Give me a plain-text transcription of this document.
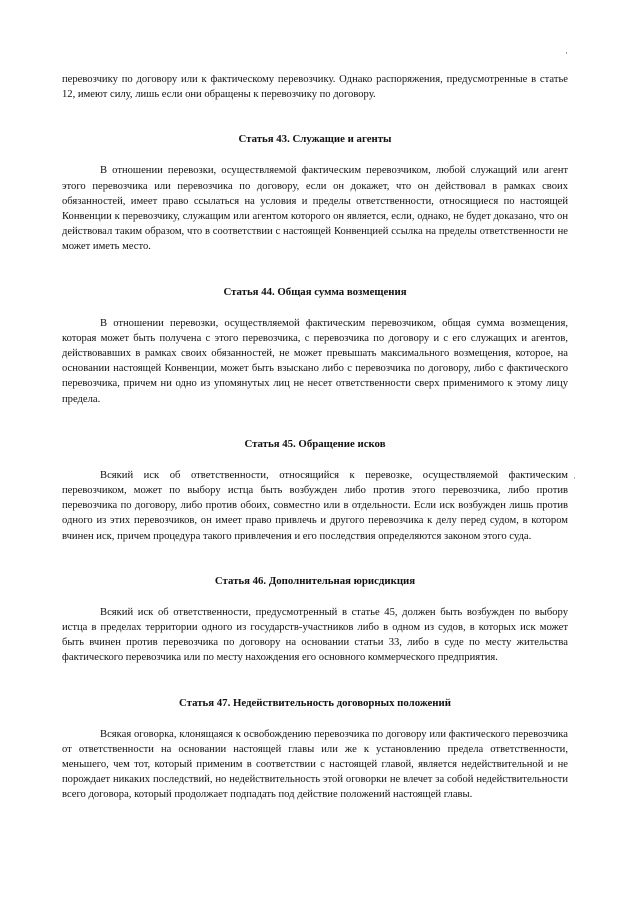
перевозчику по договору или к фактическому перевозчику. Однако распоряжения, предусмотренные в статье 12, имеют силу, лишь если они обращены к перевозчику по договору.

Статья 43. Служащие и агенты

В отношении перевозки, осуществляемой фактическим перевозчиком, любой служащий или агент этого перевозчика или перевозчика по договору, если он докажет, что он действовал в рамках своих обязанностей, имеет право ссылаться на условия и пределы ответственности, относящиеся по настоящей Конвенции к перевозчику, служащим или агентом которого он является, если, однако, не будет доказано, что он действовал таким образом, что в соответствии с настоящей Конвенцией ссылка на пределы ответственности не может иметь место.

Статья 44. Общая сумма возмещения

В отношении перевозки, осуществляемой фактическим перевозчиком, общая сумма возмещения, которая может быть получена с этого перевозчика, с перевозчика по договору и с его служащих и агентов, действовавших в рамках своих обязанностей, не может превышать максимального возмещения, которое, на основании настоящей Конвенции, может быть взыскано либо с перевозчика по договору, либо с фактического перевозчика, причем ни одно из упомянутых лиц не несет ответственности сверх применимого к этому лицу предела.

Статья 45. Обращение исков

Всякий иск об ответственности, относящийся к перевозке, осуществляемой фактическим перевозчиком, может по выбору истца быть возбужден либо против этого перевозчика, либо против перевозчика по договору, либо против обоих, совместно или в отдельности. Если иск возбужден лишь против одного из этих перевозчиков, он имеет право привлечь и другого перевозчика к делу перед судом, в котором вчинен иск, причем процедура такого привлечения и его последствия определяются законом этого суда.

Статья 46. Дополнительная юрисдикция

Всякий иск об ответственности, предусмотренный в статье 45, должен быть возбужден по выбору истца в пределах территории одного из государств-участников либо в одном из судов, в которых иск может быть вчинен против перевозчика по договору на основании статьи 33, либо в суде по месту жительства фактического перевозчика или по месту нахождения его основного коммерческого предприятия.

Статья 47. Недействительность договорных положений

Всякая оговорка, клонящаяся к освобождению перевозчика по договору или фактического перевозчика от ответственности на основании настоящей главы или же к установлению предела ответственности, меньшего, чем тот, который применим в соответствии с настоящей главой, является недействительной и не порождает никаких последствий, но недействительность этой оговорки не влечет за собой недействительности всего договора, который продолжает подпадать под действие положений настоящей главы.
